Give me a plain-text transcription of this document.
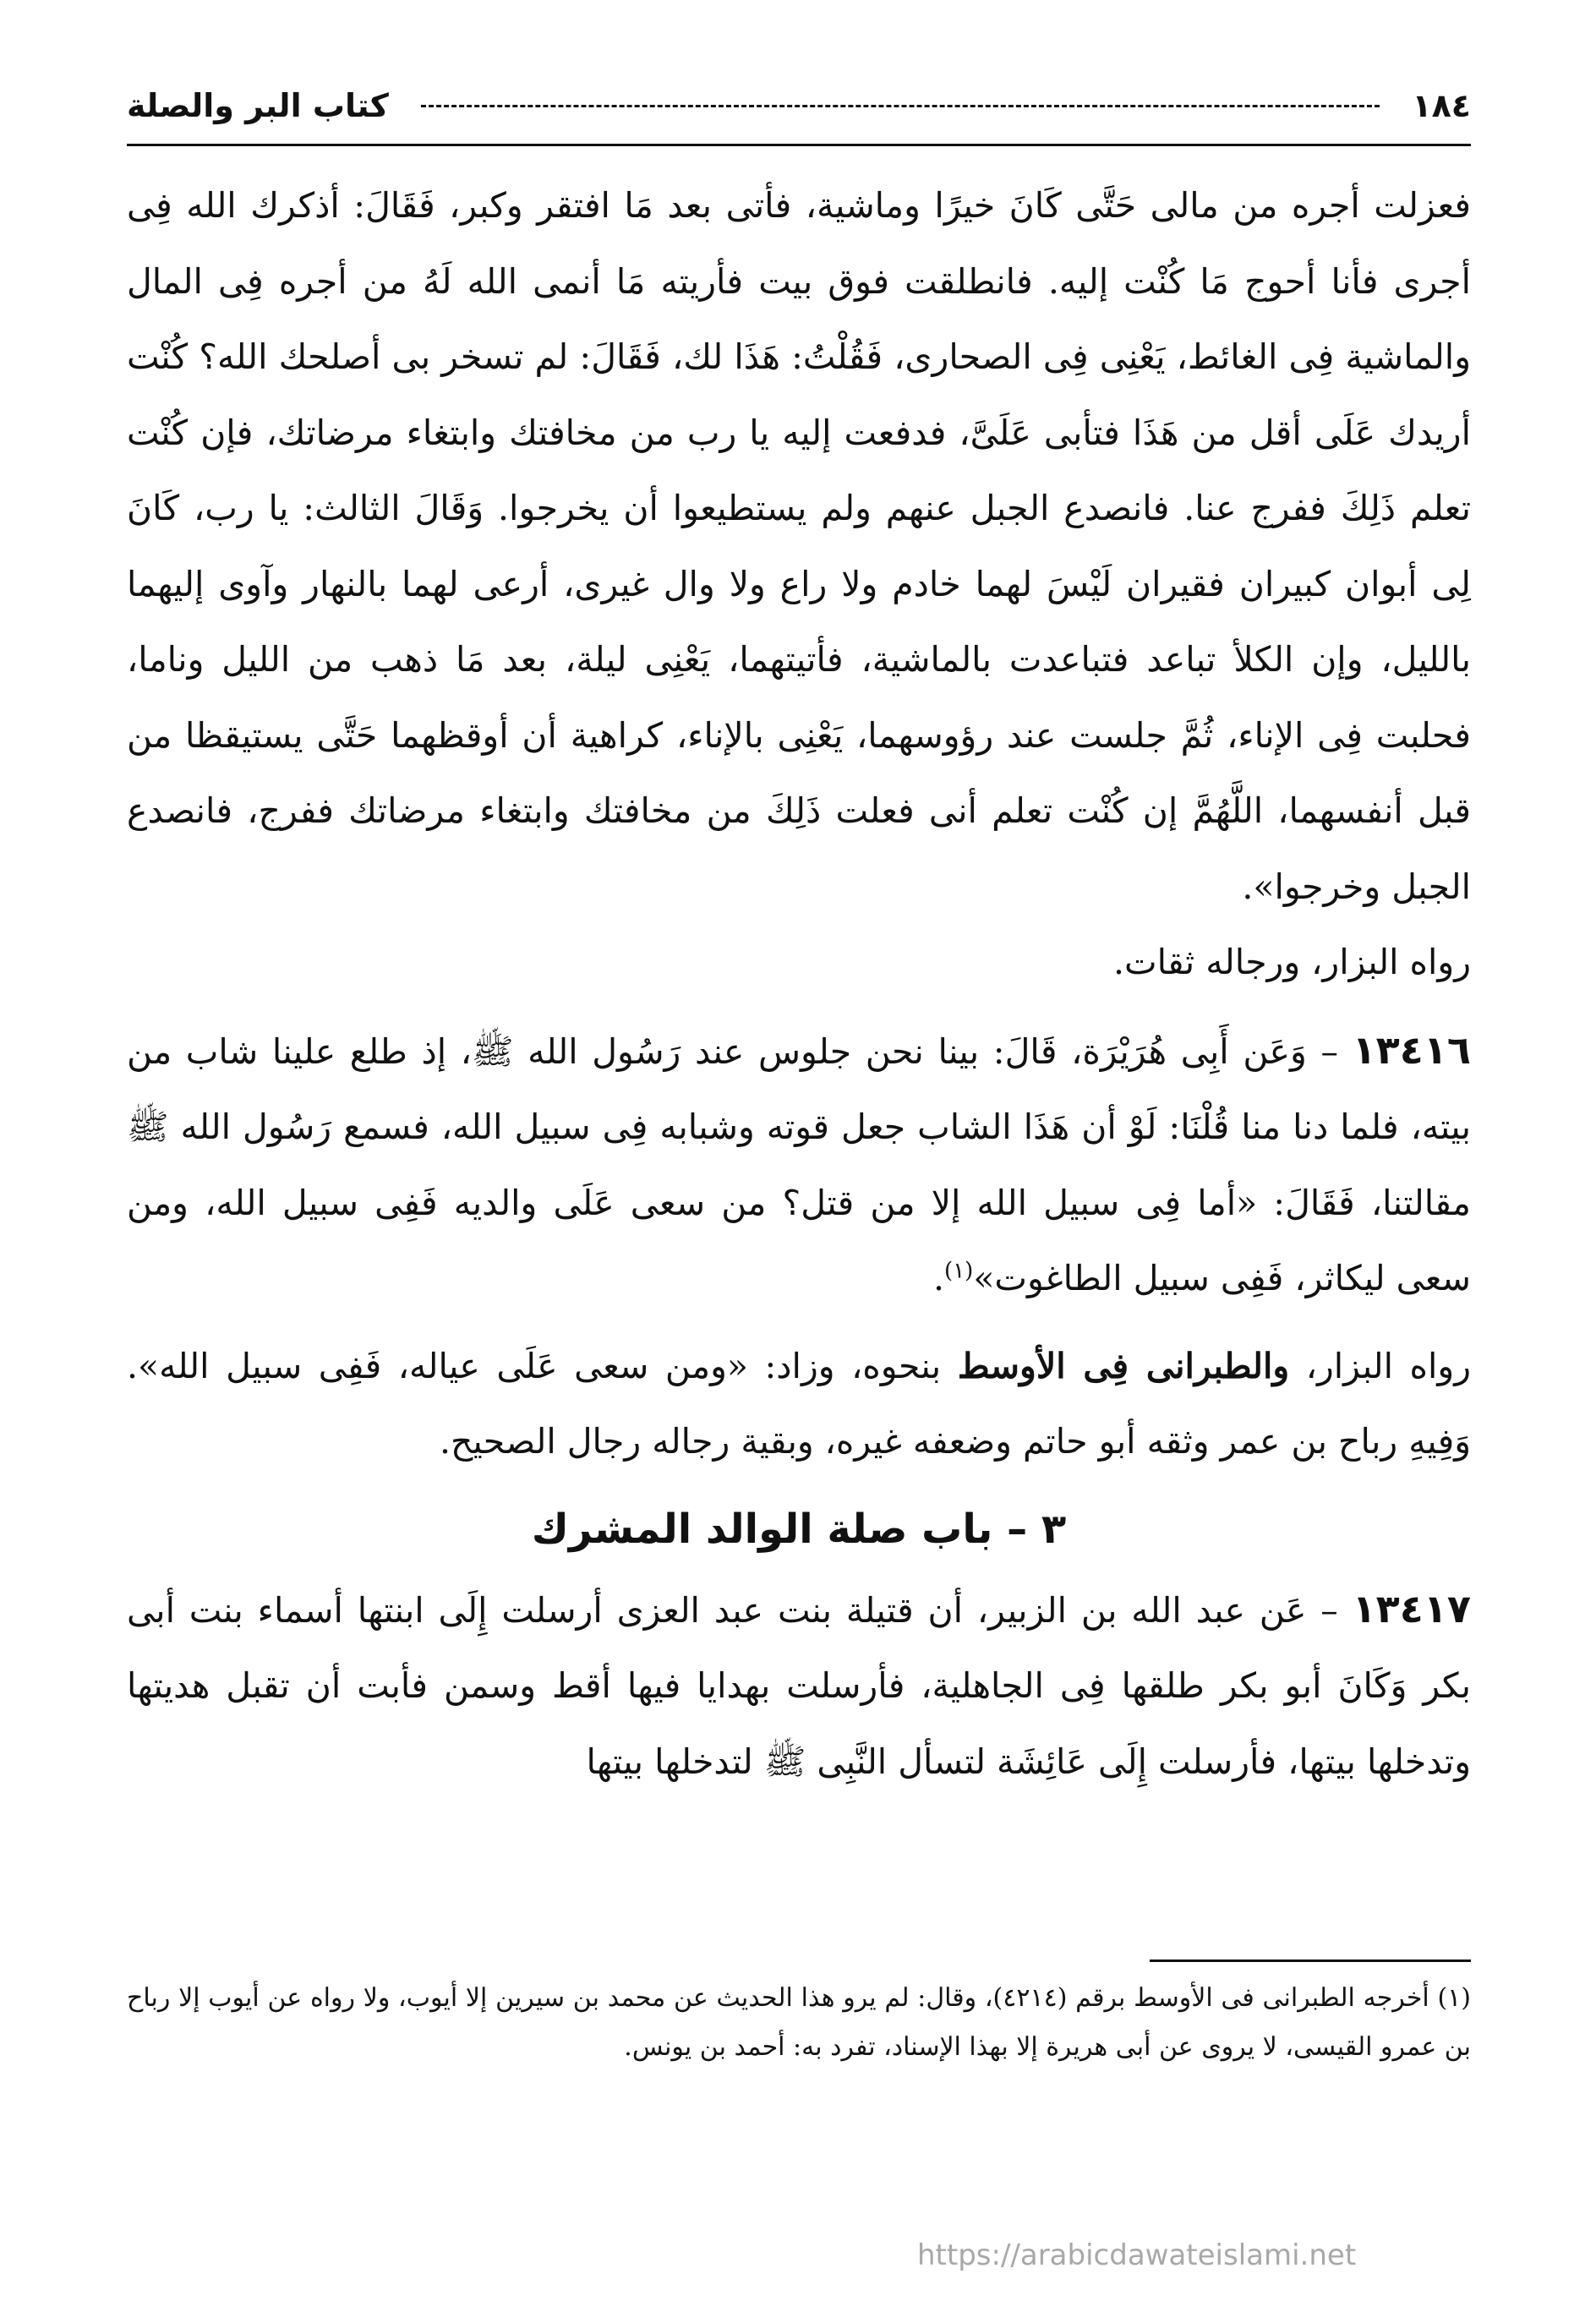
١٨٤
كتاب البر والصلة

فعزلت أجره من مالى حَتَّى كَانَ خيرًا وماشية، فأتى بعد مَا افتقر وكبر، فَقَالَ: أذكرك الله فِى أجرى فأنا أحوج مَا كُنْت إليه. فانطلقت فوق بيت فأريته مَا أنمى الله لَهُ من أجره فِى المال والماشية فِى الغائط، يَعْنِى فِى الصحارى، فَقُلْتُ: هَذَا لك، فَقَالَ: لم تسخر بى أصلحك الله؟ كُنْت أريدك عَلَى أقل من هَذَا فتأبى عَلَىَّ، فدفعت إليه يا رب من مخافتك وابتغاء مرضاتك، فإن كُنْت تعلم ذَلِكَ ففرج عنا. فانصدع الجبل عنهم ولم يستطيعوا أن يخرجوا. وَقَالَ الثالث: يا رب، كَانَ لِى أبوان كبيران فقيران لَيْسَ لهما خادم ولا راع ولا وال غيرى، أرعى لهما بالنهار وآوى إليهما بالليل، وإن الكلأ تباعد فتباعدت بالماشية، فأتيتهما، يَعْنِى ليلة، بعد مَا ذهب من الليل وناما، فحلبت فِى الإناء، ثُمَّ جلست عند رؤوسهما، يَعْنِى بالإناء، كراهية أن أوقظهما حَتَّى يستيقظا من قبل أنفسهما، اللَّهُمَّ إن كُنْت تعلم أنى فعلت ذَلِكَ من مخافتك وابتغاء مرضاتك ففرج، فانصدع الجبل وخرجوا».

رواه البزار، ورجاله ثقات.

١٣٤١٦ – وَعَن أَبِى هُرَيْرَة، قَالَ: بينا نحن جلوس عند رَسُول الله ﷺ، إذ طلع علينا شاب من بيته، فلما دنا منا قُلْنَا: لَوْ أن هَذَا الشاب جعل قوته وشبابه فِى سبيل الله، فسمع رَسُول الله ﷺ مقالتنا، فَقَالَ: «أما فِى سبيل الله إلا من قتل؟ من سعى عَلَى والديه فَفِى سبيل الله، ومن سعى ليكاثر، فَفِى سبيل الطاغوت»$^{(١)}$.

رواه البزار، والطبرانى فِى الأوسط بنحوه، وزاد: «ومن سعى عَلَى عياله، فَفِى سبيل الله». وَفِيهِ رباح بن عمر وثقه أبو حاتم وضعفه غيره، وبقية رجاله رجال الصحيح.

٣ – باب صلة الوالد المشرك

١٣٤١٧ – عَن عبد الله بن الزبير، أن قتيلة بنت عبد العزى أرسلت إِلَى ابنتها أسماء بنت أبى بكر وَكَانَ أبو بكر طلقها فِى الجاهلية، فأرسلت بهدايا فيها أقط وسمن فأبت أن تقبل هديتها وتدخلها بيتها، فأرسلت إِلَى عَائِشَة لتسأل النَّبِى ﷺ لتدخلها بيتها

(١) أخرجه الطبرانى فى الأوسط برقم (٤٢١٤)، وقال: لم يرو هذا الحديث عن محمد بن سيرين إلا أيوب، ولا رواه عن أيوب إلا رباح بن عمرو القيسى، لا يروى عن أبى هريرة إلا بهذا الإسناد، تفرد به: أحمد بن يونس.

https://arabicdawateislami.net
